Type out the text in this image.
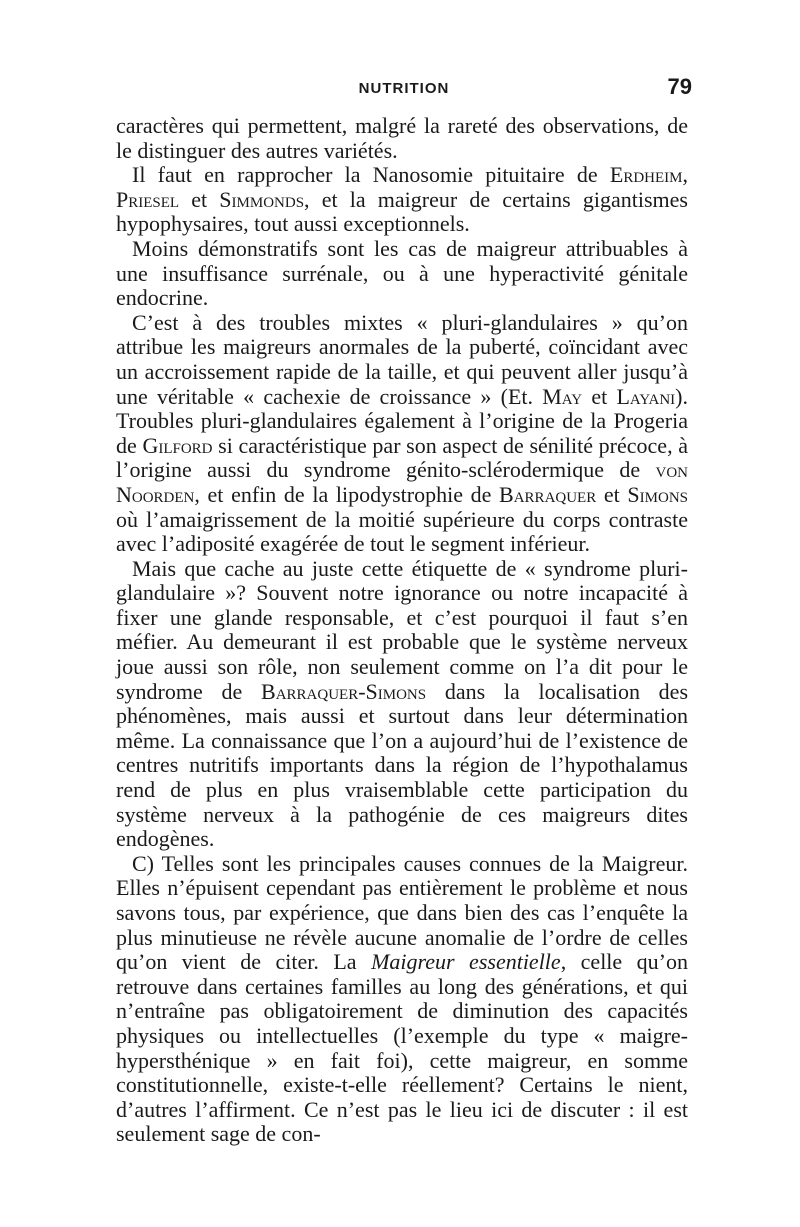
NUTRITION	79

caractères qui permettent, malgré la rareté des observations, de le distinguer des autres variétés.

Il faut en rapprocher la Nanosomie pituitaire de Erdheim, Priesel et Simmonds, et la maigreur de certains gigantismes hypophysaires, tout aussi exceptionnels.

Moins démonstratifs sont les cas de maigreur attribuables à une insuffisance surrénale, ou à une hyperactivité génitale endocrine.

C’est à des troubles mixtes « pluri-glandulaires » qu’on attribue les maigreurs anormales de la puberté, coïncidant avec un accroissement rapide de la taille, et qui peuvent aller jusqu’à une véritable « cachexie de croissance » (Et. May et Layani). Troubles pluri-glandulaires également à l’origine de la Progeria de Gilford si caractéristique par son aspect de sénilité précoce, à l’origine aussi du syndrome génito-sclérodermique de von Noorden, et enfin de la lipodystrophie de Barraquer et Simons où l’amaigrissement de la moitié supérieure du corps contraste avec l’adiposité exagérée de tout le segment inférieur.

Mais que cache au juste cette étiquette de « syndrome pluri-glandulaire »? Souvent notre ignorance ou notre incapacité à fixer une glande responsable, et c’est pourquoi il faut s’en méfier. Au demeurant il est probable que le système nerveux joue aussi son rôle, non seulement comme on l’a dit pour le syndrome de Barraquer-Simons dans la localisation des phénomènes, mais aussi et surtout dans leur détermination même. La connaissance que l’on a aujourd’hui de l’existence de centres nutritifs importants dans la région de l’hypothalamus rend de plus en plus vraisemblable cette participation du système nerveux à la pathogénie de ces maigreurs dites endogènes.

C) Telles sont les principales causes connues de la Maigreur. Elles n’épuisent cependant pas entièrement le problème et nous savons tous, par expérience, que dans bien des cas l’enquête la plus minutieuse ne révèle aucune anomalie de l’ordre de celles qu’on vient de citer. La Maigreur essentielle, celle qu’on retrouve dans certaines familles au long des générations, et qui n’entraîne pas obligatoirement de diminution des capacités physiques ou intellectuelles (l’exemple du type « maigre-hypersthénique » en fait foi), cette maigreur, en somme constitutionnelle, existe-t-elle réellement? Certains le nient, d’autres l’affirment. Ce n’est pas le lieu ici de discuter : il est seulement sage de con-
